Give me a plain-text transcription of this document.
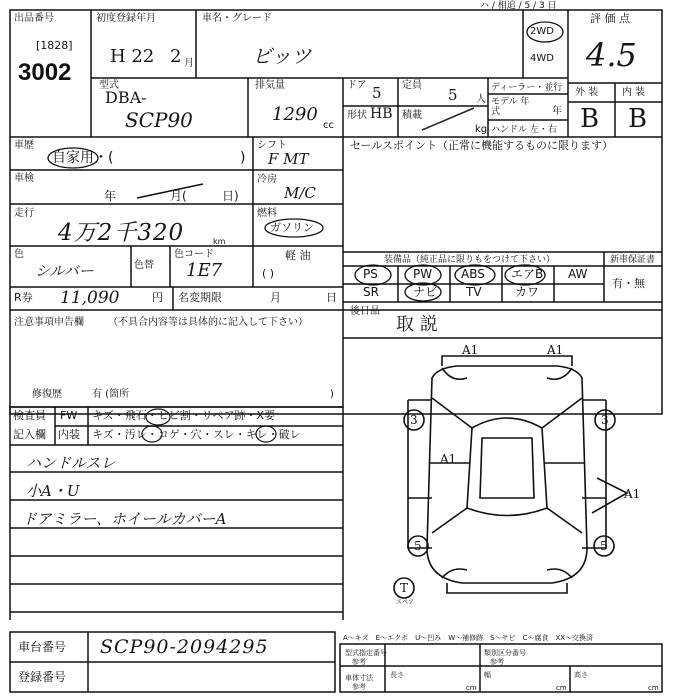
ハ / 相追 / 5 / 3 日
出品番号
[1828]
3002
初度登録年月
H 22 2 月
車名・グレード
ビッツ
2WD
4WD
型式
DBA-
SCP90
排気量
1290
cc
ドア 5 定員
5 人
形状 HB 積載
kg
ディーラー・並行
モデル 年式	年
ハンドル 左・右
評 価 点
4.5
外 装 内 装
B B
車歴
自家用・(	)
車検
年	月(	日)
シフト
F MT
冷房
M/C
燃料
ガソリン
軽 油
( )
走行
4万2千320	km
色
シルバー	色替
色コード
1E7
R券 11,090	円 名変期限	月	日
セールスポイント（正常に機能するものに限ります）
装備品（純正品に限りもをつけて下さい）
PS	PW ABS エアB AW
SR	ナビ TV	カワ
新車保証書
有・無
後日品
取 説
注意事項申告欄 （不具合内容等は具体的に記入して下さい）
修復歴	有 (箇所	)
検査員
記入欄
FW キズ・飛石・ヒビ割・リペア跡・X要
内装 キズ・汚レ・コゲ・穴・スレ・キレ・破レ
ハンドルスレ
小A・U
ドアミラー、ホイールカバーA
A1	A1
A1
A1
3	3
5	5
T
スペア
A～キズ　E～エクボ　U～凹み　W～補修跡　S～サビ　C～腐食　XX～交換済
車台番号 SCP90-2094295
登録番号
型式指定番号
参考
類別区分番号
参考
車体寸法
参考
長さ
cm
幅
cm
高さ
cm
